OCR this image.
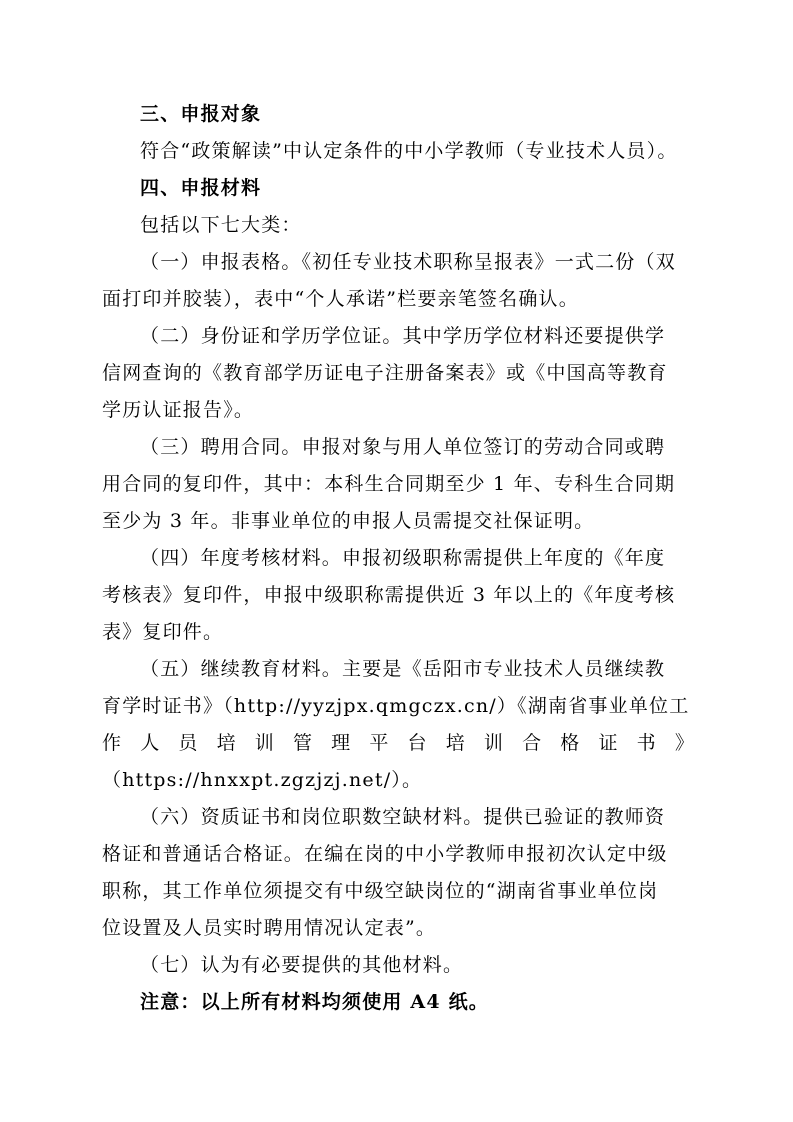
三、申报对象
符合“政策解读”中认定条件的中小学教师（专业技术人员）。
四、申报材料
包括以下七大类：
（一）申报表格。《初任专业技术职称呈报表》一式二份（双
面打印并胶装），表中“个人承诺”栏要亲笔签名确认。
（二）身份证和学历学位证。其中学历学位材料还要提供学
信网查询的《教育部学历证电子注册备案表》或《中国高等教育
学历认证报告》。
（三）聘用合同。申报对象与用人单位签订的劳动合同或聘
用合同的复印件，其中：本科生合同期至少 1 年、专科生合同期
至少为 3 年。非事业单位的申报人员需提交社保证明。
（四）年度考核材料。申报初级职称需提供上年度的《年度
考核表》复印件，申报中级职称需提供近 3 年以上的《年度考核
表》复印件。
（五）继续教育材料。主要是《岳阳市专业技术人员继续教
育学时证书》（http://yyzjpx.qmgczx.cn/）《湖南省事业单位工
作 人 员 培 训 管 理 平 台 培 训 合 格 证 书 》
（https://hnxxpt.zgzjzj.net/）。
（六）资质证书和岗位职数空缺材料。提供已验证的教师资
格证和普通话合格证。在编在岗的中小学教师申报初次认定中级
职称，其工作单位须提交有中级空缺岗位的“湖南省事业单位岗
位设置及人员实时聘用情况认定表”。
（七）认为有必要提供的其他材料。
注意：以上所有材料均须使用 A4 纸。
